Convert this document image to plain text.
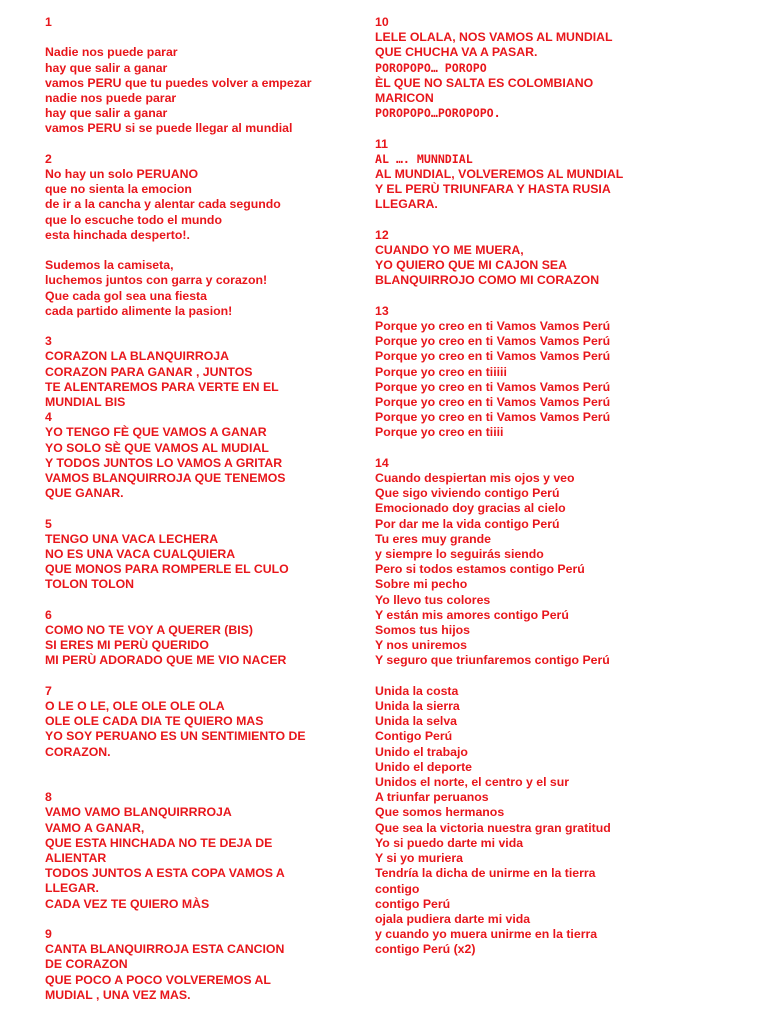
1
Nadie nos puede parar
hay que salir a ganar
vamos PERU que tu puedes volver a empezar
nadie nos puede parar
hay que salir a ganar
vamos PERU si se puede llegar al mundial
2
No hay un solo PERUANO
que no sienta la emocion
de ir a la cancha y alentar cada segundo
que lo escuche todo el mundo
esta hinchada desperto!.
Sudemos la camiseta,
luchemos juntos con garra y corazon!
Que cada gol sea una fiesta
cada partido alimente la pasion!
3
CORAZON LA BLANQUIRROJA
CORAZON PARA GANAR , JUNTOS
TE ALENTAREMOS PARA VERTE EN EL
MUNDIAL BIS
4
YO TENGO FÈ QUE VAMOS A GANAR
YO SOLO SÈ QUE VAMOS AL MUDIAL
Y TODOS JUNTOS LO VAMOS A GRITAR
VAMOS BLANQUIRROJA QUE TENEMOS
QUE GANAR.
5
TENGO UNA VACA LECHERA
NO ES UNA VACA CUALQUIERA
QUE MONOS PARA ROMPERLE EL CULO
TOLON TOLON
6
COMO NO TE VOY A QUERER (BIS)
SI ERES MI PERÙ QUERIDO
MI PERÙ ADORADO QUE ME VIO NACER
7
O LE O LE, OLE OLE OLE OLA
OLE OLE CADA DIA TE QUIERO MAS
YO SOY PERUANO ES UN SENTIMIENTO DE
CORAZON.
8
VAMO VAMO BLANQUIRRROJA
VAMO A GANAR,
QUE ESTA HINCHADA NO TE DEJA DE
ALIENTAR
TODOS JUNTOS A ESTA COPA VAMOS A
LLEGAR.
CADA VEZ TE QUIERO MÀS
9
CANTA BLANQUIRROJA ESTA CANCION
DE CORAZON
QUE POCO A POCO VOLVEREMOS AL
MUDIAL , UNA VEZ MAS.
10
LELE OLALA, NOS VAMOS AL MUNDIAL
QUE CHUCHA VA A PASAR.
POROPOPO… POROPO
ÈL QUE NO SALTA ES COLOMBIANO
MARICON
POROPOPO…POROPOPO.
11
AL …. MUNNDIAL
AL MUNDIAL, VOLVEREMOS AL MUNDIAL
Y EL PERÙ TRIUNFARA Y HASTA RUSIA
LLEGARA.
12
CUANDO YO ME MUERA,
YO QUIERO QUE MI CAJON SEA
BLANQUIRROJO COMO MI CORAZON
13
Porque yo creo en ti Vamos Vamos Perú
Porque yo creo en ti Vamos Vamos Perú
Porque yo creo en ti Vamos Vamos Perú
Porque yo creo en tiiiii
Porque yo creo en ti Vamos Vamos Perú
Porque yo creo en ti Vamos Vamos Perú
Porque yo creo en ti Vamos Vamos Perú
Porque yo creo en tiiii
14
Cuando despiertan mis ojos y veo
Que sigo viviendo contigo Perú
Emocionado doy gracias al cielo
Por dar me la vida contigo Perú
Tu eres muy grande
y siempre lo seguirás siendo
Pero si todos estamos contigo Perú
Sobre mi pecho
Yo llevo tus colores
Y están mis amores contigo Perú
Somos tus hijos
Y nos uniremos
Y seguro que triunfaremos contigo Perú
Unida la costa
Unida la sierra
Unida la selva
Contigo Perú
Unido el trabajo
Unido el deporte
Unidos el norte, el centro y el sur
A triunfar peruanos
Que somos hermanos
Que sea la victoria nuestra gran gratitud
Yo si puedo darte mi vida
Y si yo muriera
Tendría la dicha de unirme en la tierra
contigo
contigo Perú
ojala pudiera darte mi vida
y cuando yo muera unirme en la tierra
contigo Perú (x2)
